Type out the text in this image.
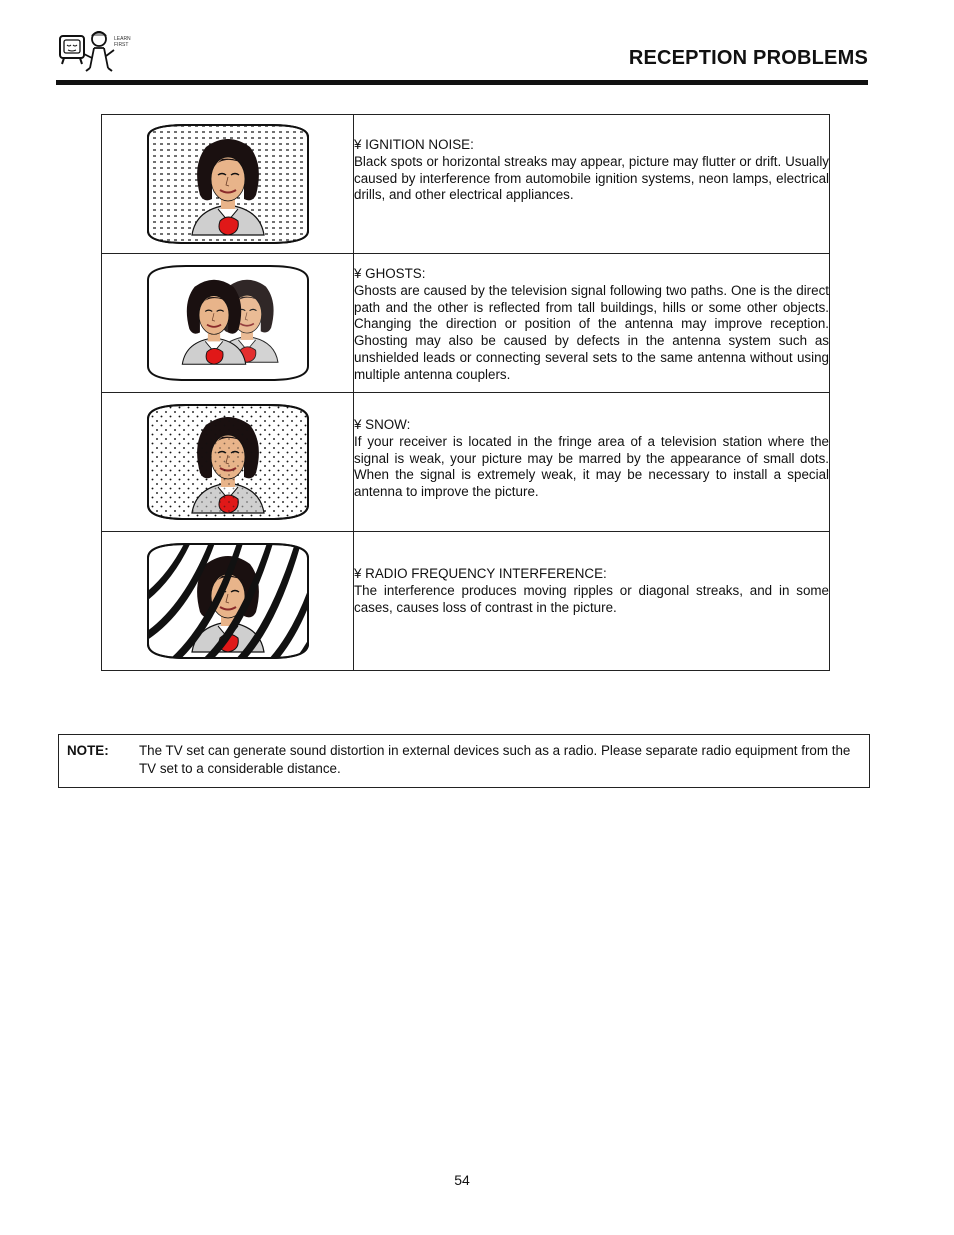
LEARN FIRST
RECEPTION PROBLEMS

¥ IGNITION NOISE:

Black spots or horizontal streaks may appear, picture may flutter or drift. Usually caused by interference from automobile ignition systems, neon lamps, electrical drills, and other electrical appliances.

¥ GHOSTS:

Ghosts are caused by the television signal following two paths. One is the direct path and the other is reflected from tall buildings, hills or some other objects. Changing the direction or position of the antenna may improve reception. Ghosting may also be caused by defects in the antenna system such as unshielded leads or connecting several sets to the same antenna without using multiple antenna couplers.

¥ SNOW:

If your receiver is located in the fringe area of a television station where the signal is weak, your picture may be marred by the appearance of small dots. When the signal is extremely weak, it may be necessary to install a special antenna to improve the picture.

¥ RADIO FREQUENCY INTERFERENCE:

The interference produces moving ripples or diagonal streaks, and in some cases, causes loss of contrast in the picture.

NOTE: The TV set can generate sound distortion in external devices such as a radio. Please separate radio equipment from the TV set to a considerable distance.
54
